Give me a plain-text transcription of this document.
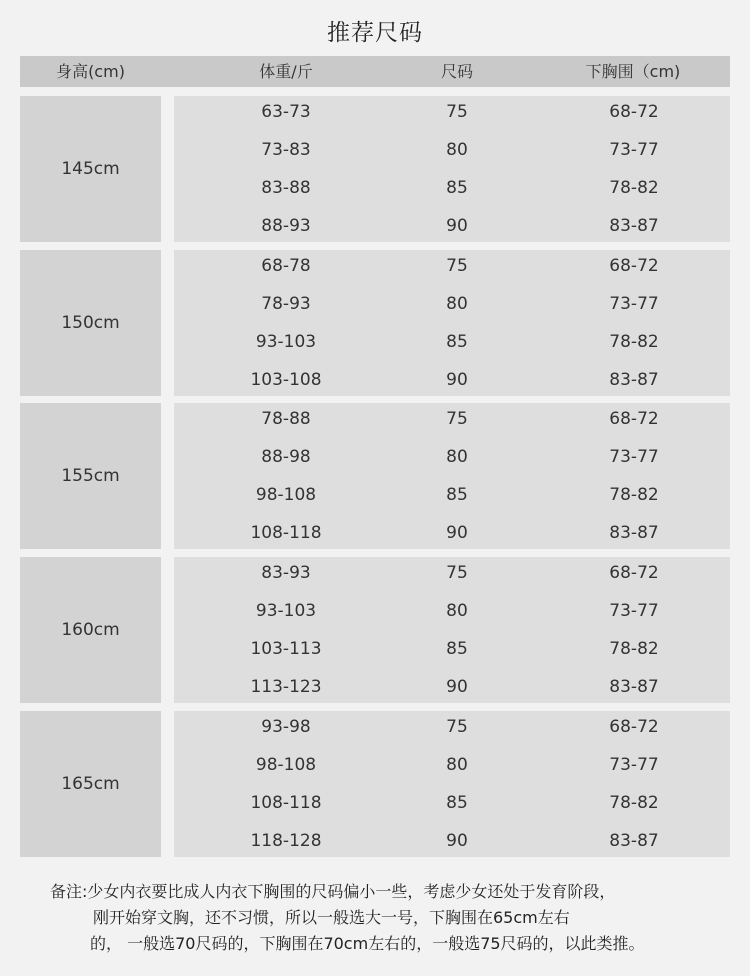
推荐尺码
身高(cm)	体重/斤	尺码	下胸围（cm)
145cm
63-73	75	68-72
73-83	80	73-77
83-88	85	78-82
88-93	90	83-87
150cm
68-78	75	68-72
78-93	80	73-77
93-103	85	78-82
103-108	90	83-87
155cm
78-88	75	68-72
88-98	80	73-77
98-108	85	78-82
108-118	90	83-87
160cm
83-93	75	68-72
93-103	80	73-77
103-113	85	78-82
113-123	90	83-87
165cm
93-98	75	68-72
98-108	80	73-77
108-118	85	78-82
118-128	90	83-87
备注:少女内衣要比成人内衣下胸围的尺码偏小一些，考虑少女还处于发育阶段，
刚开始穿文胸，还不习惯，所以一般选大一号，下胸围在65cm左右
的， 一般选70尺码的，下胸围在70cm左右的，一般选75尺码的，以此类推。
